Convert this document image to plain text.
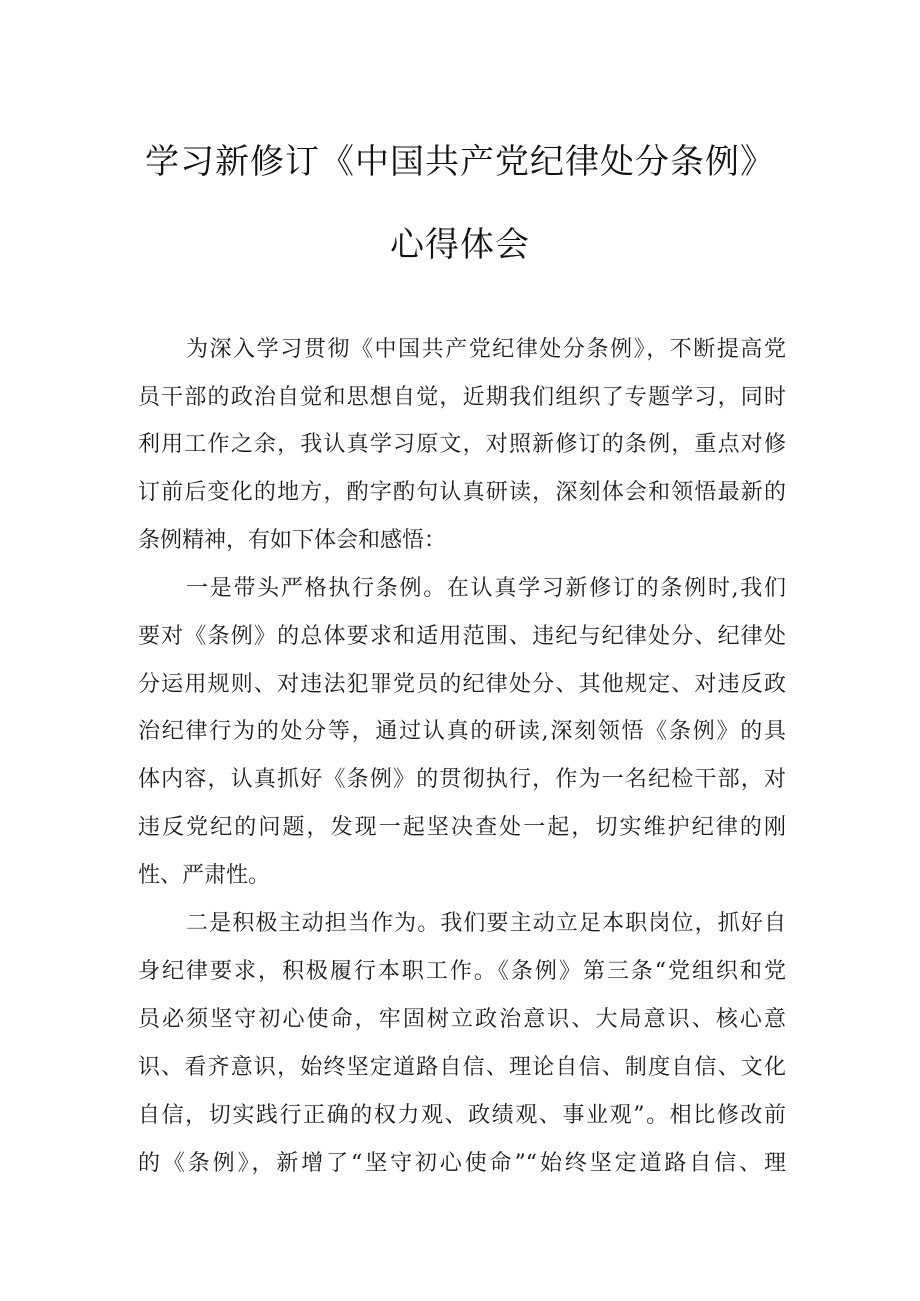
学习新修订《中国共产党纪律处分条例》
心得体会
为深入学习贯彻《中国共产党纪律处分条例》，不断提高党
员干部的政治自觉和思想自觉，近期我们组织了专题学习，同时
利用工作之余，我认真学习原文，对照新修订的条例，重点对修
订前后变化的地方，酌字酌句认真研读，深刻体会和领悟最新的
条例精神，有如下体会和感悟：
一是带头严格执行条例。在认真学习新修订的条例时,我们
要对《条例》的总体要求和适用范围、违纪与纪律处分、纪律处
分运用规则、对违法犯罪党员的纪律处分、其他规定、对违反政
治纪律行为的处分等，通过认真的研读,深刻领悟《条例》的具
体内容，认真抓好《条例》的贯彻执行，作为一名纪检干部，对
违反党纪的问题，发现一起坚决查处一起，切实维护纪律的刚
性、严肃性。
二是积极主动担当作为。我们要主动立足本职岗位，抓好自
身纪律要求，积极履行本职工作。《条例》第三条“党组织和党
员必须坚守初心使命，牢固树立政治意识、大局意识、核心意
识、看齐意识，始终坚定道路自信、理论自信、制度自信、文化
自信，切实践行正确的权力观、政绩观、事业观”。相比修改前
的《条例》，新增了“坚守初心使命”“始终坚定道路自信、理
